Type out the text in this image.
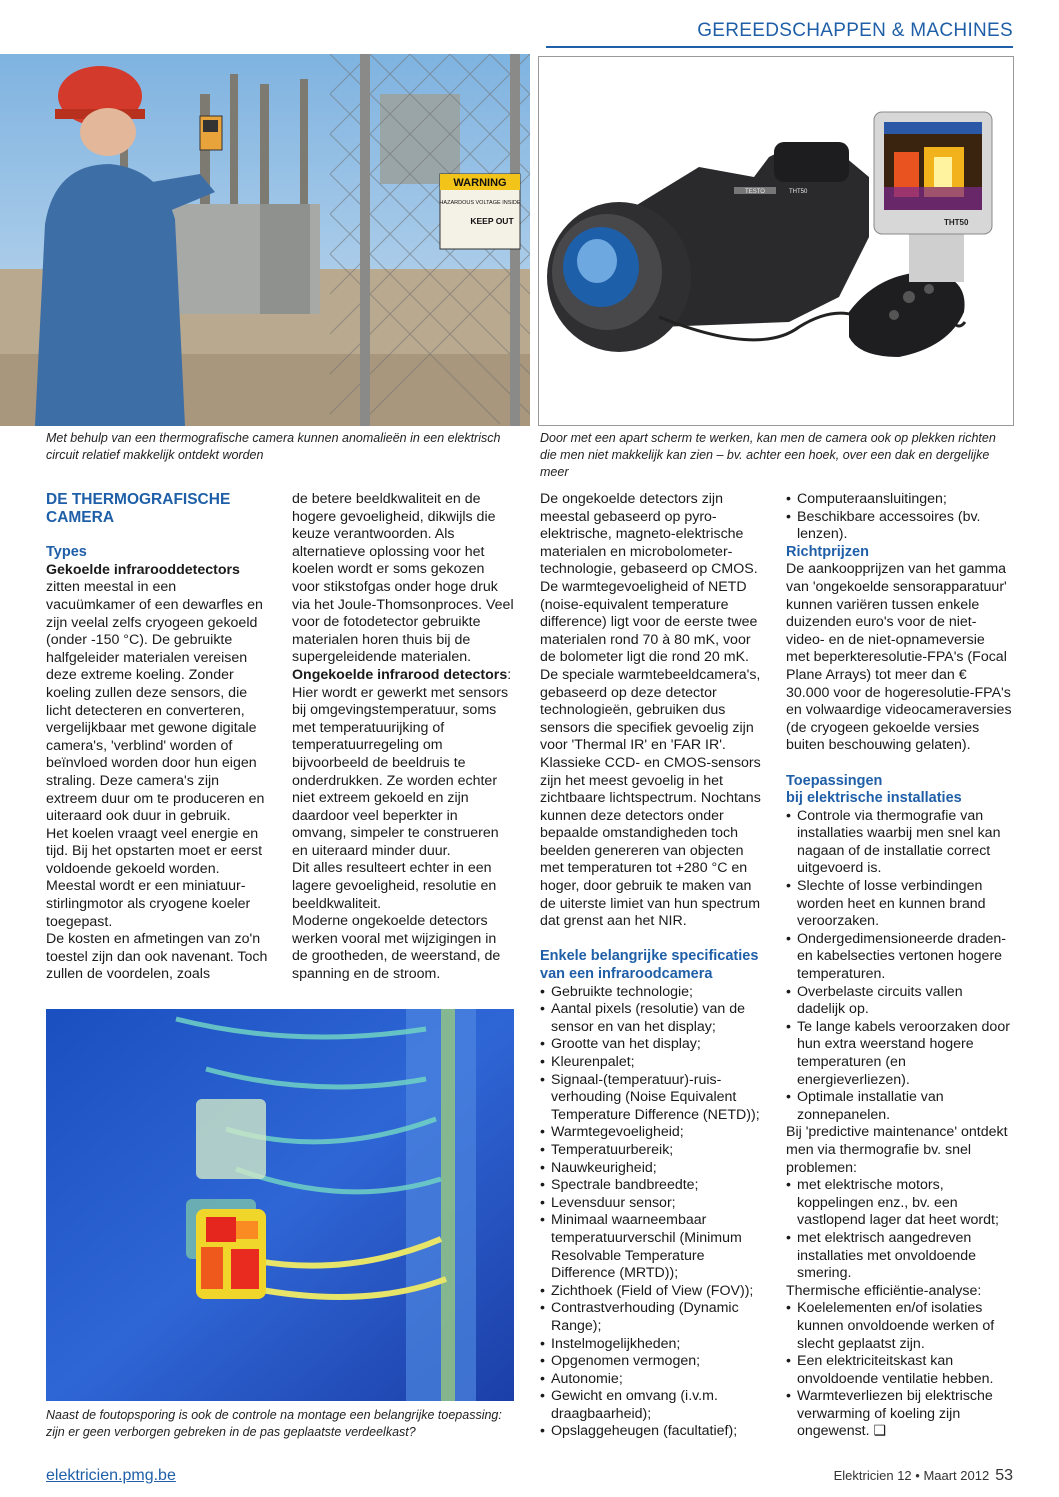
GEREEDSCHAPPEN & MACHINES
WARNING
HAZARDOUS VOLTAGE INSIDE
KEEP OUT
Met behulp van een thermografische camera kunnen anomalieën in een elektrisch circuit relatief makkelijk ontdekt worden
TESTO	THT50
THT50
Door met een apart scherm te werken, kan men de camera ook op plekken richten die men niet makkelijk kan zien – bv. achter een hoek, over een dak en dergelijke meer
DE THERMOGRAFISCHE CAMERA
Types
Gekoelde infrarooddetectors

zitten meestal in een vacuümkamer of een dewarfles en zijn veelal zelfs cryogeen gekoeld (onder -150 °C). De gebruikte halfgeleider materialen vereisen deze extreme koeling. Zonder koeling zullen deze sensors, die licht detecteren en converteren, vergelijkbaar met gewone digitale camera's, 'verblind' worden of beïnvloed worden door hun eigen straling. Deze camera's zijn extreem duur om te produceren en uiteraard ook duur in gebruik.

Het koelen vraagt veel energie en tijd. Bij het opstarten moet er eerst voldoende gekoeld worden. Meestal wordt er een miniatuur-stirlingmotor als cryogene koeler toegepast.

De kosten en afmetingen van zo'n toestel zijn dan ook navenant. Toch zullen de voordelen, zoals

de betere beeldkwaliteit en de hogere gevoeligheid, dikwijls die keuze verantwoorden. Als alternatieve oplossing voor het koelen wordt er soms gekozen voor stikstofgas onder hoge druk via het Joule-Thomsonproces. Veel voor de fotodetector gebruikte materialen horen thuis bij de supergeleidende materialen.

Ongekoelde infrarood detectors: Hier wordt er gewerkt met sensors bij omgevingstemperatuur, soms met temperatuurijking of temperatuurregeling om bijvoorbeeld de beeldruis te onderdrukken. Ze worden echter niet extreem gekoeld en zijn daardoor veel beperkter in omvang, simpeler te construeren en uiteraard minder duur.

Dit alles resulteert echter in een lagere gevoeligheid, resolutie en beeldkwaliteit.

Moderne ongekoelde detectors werken vooral met wijzigingen in de grootheden, de weerstand, de spanning en de stroom.

Naast de foutopsporing is ook de controle na montage een belangrijke toepassing: zijn er geen verborgen gebreken in de pas geplaatste verdeelkast?

De ongekoelde detectors zijn meestal gebaseerd op pyro-elektrische, magneto-elektrische materialen en microbolometer-technologie, gebaseerd op CMOS. De warmtegevoeligheid of NETD (noise-equivalent temperature difference) ligt voor de eerste twee materialen rond 70 à 80 mK, voor de bolometer ligt die rond 20 mK. De speciale warmtebeeldcamera's, gebaseerd op deze detector technologieën, gebruiken dus sensors die specifiek gevoelig zijn voor 'Thermal IR' en 'FAR IR'. Klassieke CCD- en CMOS-sensors zijn het meest gevoelig in het zichtbaare lichtspectrum. Nochtans kunnen deze detectors onder bepaalde omstandigheden toch beelden genereren van objecten met temperaturen tot +280 °C en hoger, door gebruik te maken van de uiterste limiet van hun spectrum dat grenst aan het NIR.

Enkele belangrijke specificaties van een infraroodcamera
• Gebruikte technologie;
• Aantal pixels (resolutie) van de sensor en van het display;
• Grootte van het display;
• Kleurenpalet;
• Signaal-(temperatuur)-ruis-verhouding (Noise Equivalent Temperature Difference (NETD));
• Warmtegevoeligheid;
• Temperatuurbereik;
• Nauwkeurigheid;
• Spectrale bandbreedte;
• Levensduur sensor;
• Minimaal waarneembaar temperatuurverschil (Minimum Resolvable Temperature Difference (MRTD));
• Zichthoek (Field of View (FOV));
• Contrastverhouding (Dynamic Range);
• Instelmogelijkheden;
• Opgenomen vermogen;
• Autonomie;
• Gewicht en omvang (i.v.m. draagbaarheid);
• Opslaggeheugen (facultatief);
• Computeraansluitingen;
• Beschikbare accessoires (bv. lenzen).
Richtprijzen

De aankoopprijzen van het gamma van 'ongekoelde sensorapparatuur' kunnen variëren tussen enkele duizenden euro's voor de niet-video- en de niet-opnameversie met beperkteresolutie-FPA's (Focal Plane Arrays) tot meer dan € 30.000 voor de hogeresolutie-FPA's en volwaardige videocameraversies (de cryogeen gekoelde versies buiten beschouwing gelaten).

Toepassingen
bij elektrische installaties
• Controle via thermografie van installaties waarbij men snel kan nagaan of de installatie correct uitgevoerd is.
• Slechte of losse verbindingen worden heet en kunnen brand veroorzaken.
• Ondergedimensioneerde draden- en kabelsecties vertonen hogere temperaturen.
• Overbelaste circuits vallen dadelijk op.
• Te lange kabels veroorzaken door hun extra weerstand hogere temperaturen (en energieverliezen).
• Optimale installatie van zonnepanelen.

Bij 'predictive maintenance' ontdekt men via thermografie bv. snel problemen:

• met elektrische motors, koppelingen enz., bv. een vastlopend lager dat heet wordt;
• met elektrisch aangedreven installaties met onvoldoende smering.

Thermische efficiëntie-analyse:

• Koelelementen en/of isolaties kunnen onvoldoende werken of slecht geplaatst zijn.
• Een elektriciteitskast kan onvoldoende ventilatie hebben.
• Warmteverliezen bij elektrische verwarming of koeling zijn ongewenst. ❑
elektricien.pmg.be	Elektricien 12 • Maart 2012 53
